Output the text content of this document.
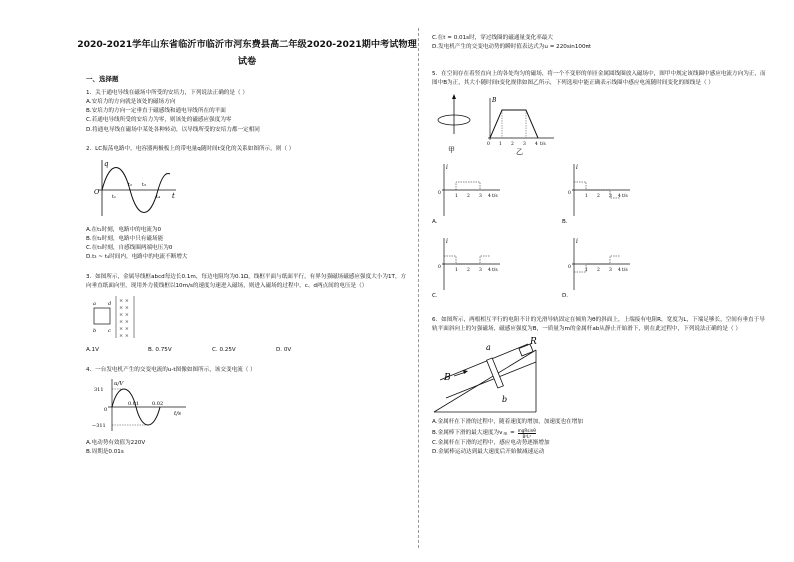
2020-2021学年山东省临沂市临沂市河东费县高二年级2020-2021期中考试物理
试卷
一、选择题
1．关于通电导线在磁场中所受的安培力，下列说法正确的是（ ）
A.安培力的方向就是该处的磁场方向
B.安培力的方向一定垂直于磁感线和通电导线所在的平面
C.若通电导线所受的安培力为零，则该处的磁感应强度为零
D.将通电导线在磁场中某处各种转动，以导线所受的安培力都一定相同
2．LC振荡电路中，电容器两极板上的带电量q随时间t变化的关系如图所示，则（ ）
q
t
O
t₁
t₂ t₃
t₄
A.在t₁时刻，电路中的电流为0
B.在t₂时刻，电路中只有磁场能
C.在t₃时刻，自感线圈两端电压为0
D.t₃ ~ t₄时间内，电路中的电流不断增大
3．如图所示，金属导线框abcd每边长0.1m，每边电阻均为0.1Ω，线框平面与纸面平行，有界匀强磁场磁感应强度大小为1T，方向垂直纸面向里，现用外力使线框以10m/s的速度匀速进入磁场，则进入磁场的过程中，c、d两点间的电压是（）
a d
b c
× ×
× ×
× ×
× ×
× ×
× ×
A.1V	B. 0.75V	C. 0.25V	D. 0V
4．一台发电机产生的交变电流的u-t图像如图所示，该交变电流（ ）
u/V
t/s
311
0
−311
0.01	0.02
A.电动势有效值为220V
B.周期是0.01s
C.在t = 0.01s时，穿过线圈的磁通量变化率最大
D.发电机产生的交变电动势的瞬时值表达式为u = 220sin100πt
5．在空间存在着竖直向上的各处均匀的磁场，将一个不变形的单匝金属圆线圈放入磁场中，图甲中规定该线圈中感应电流方向为正，而图中B为正，其大小随时间t变化规律如图乙所示，下列选项中能正确表示线圈中感应电流随时间变化的图线是（ ）
甲
B
0 1 2 3 4 t/s
乙
i
0
1 2 3 4 t/s
A.
i
0
1 2 3 4 t/s
B.
i
0
1 2 3 4 t/s
C.
i
0
1 2 3 4 t/s
D.
6．如图所示，两根相互平行的电阻不计的光滑导轨固定在倾角为θ的斜面上，上端接有电阻R，宽度为L，下端足够长，空间有垂直于导轨平面斜向上的匀强磁场，磁感应强度为B，一质量为m的金属杆ab从静止开始滑下，则在此过程中，下列说法正确的是（ ）
B
a
R
b
A.金属杆在下滑的过程中，随着速度的增加，加速度也在增加
B.金属棒下滑的最大速度为v m = mgRsinθ
B²L²
C.金属杆在下滑的过程中，感应电动势逐渐增加
D.金属棒运动达到最大速度后开始做减速运动
